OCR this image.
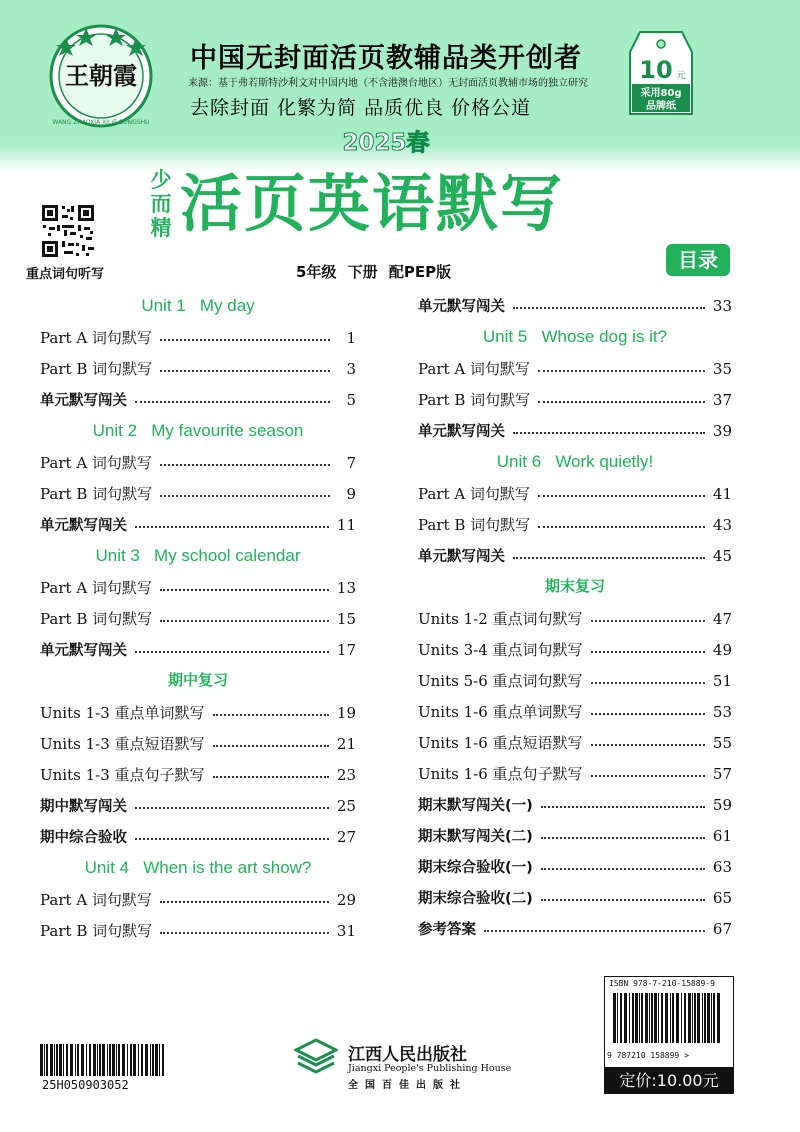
王朝霞
WANG ZHAOXIA XILIE CONGSHU
中国无封面活页教辅品类开创者
来源：基于弗若斯特沙利文对中国内地（不含港澳台地区）无封面活页教辅市场的独立研究
去除封面 化繁为简 品质优良 价格公道
10 元
采用80g
品牌纸
2025春
重点词句听写
少而精 活页英语默写
5年级 下册 配PEP版	目录
Unit 1   My day
Part A 词句默写	1
Part B 词句默写	3
单元默写闯关	5
Unit 2   My favourite season
Part A 词句默写	7
Part B 词句默写	9
单元默写闯关	11
Unit 3   My school calendar
Part A 词句默写	13
Part B 词句默写	15
单元默写闯关	17
期中复习
Units 1-3 重点单词默写	19
Units 1-3 重点短语默写	21
Units 1-3 重点句子默写	23
期中默写闯关	25
期中综合验收	27
Unit 4   When is the art show?
Part A 词句默写	29
Part B 词句默写	31
单元默写闯关	33
Unit 5   Whose dog is it?
Part A 词句默写	35
Part B 词句默写	37
单元默写闯关	39
Unit 6   Work quietly!
Part A 词句默写	41
Part B 词句默写	43
单元默写闯关	45
期末复习
Units 1-2 重点词句默写	47
Units 3-4 重点词句默写	49
Units 5-6 重点词句默写	51
Units 1-6 重点单词默写	53
Units 1-6 重点短语默写	55
Units 1-6 重点句子默写	57
期末默写闯关(一)	59
期末默写闯关(二)	61
期末综合验收(一)	63
期末综合验收(二)	65
参考答案	67
25H050903052
江西人民出版社
Jiangxi People's Publishing House
全国百佳出版社
ISBN 978-7-210-15889-9
9 787210 158899 >
定价:10.00元
